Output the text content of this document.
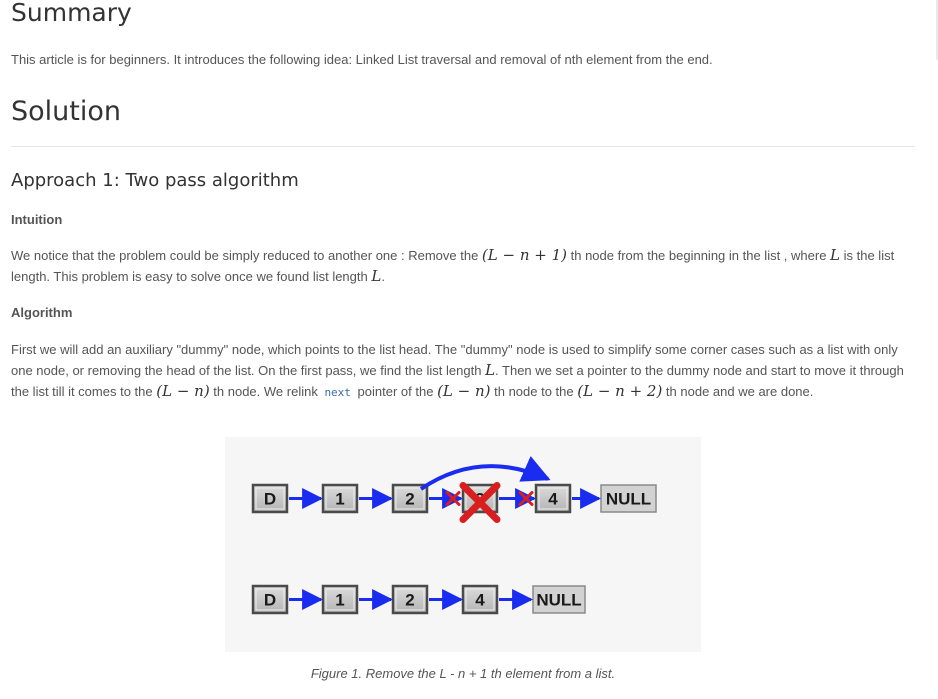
Summary

This article is for beginners. It introduces the following idea: Linked List traversal and removal of nth element from the end.

Solution
Approach 1: Two pass algorithm
Intuition

We notice that the problem could be simply reduced to another one : Remove the (L − n + 1) th node from the beginning in the list , where L is the list length. This problem is easy to solve once we found list length L.

Algorithm

First we will add an auxiliary "dummy" node, which points to the list head. The "dummy" node is used to simplify some corner cases such as a list with only one node, or removing the head of the list. On the first pass, we find the list length L. Then we set a pointer to the dummy node and start to move it through the list till it comes to the (L − n) th node. We relink next pointer of the (L − n) th node to the (L − n + 2) th node and we are done.

Figure 1. Remove the L - n + 1 th element from a list.

D	1	2	4	NULL
D	1	2	4	NULL
